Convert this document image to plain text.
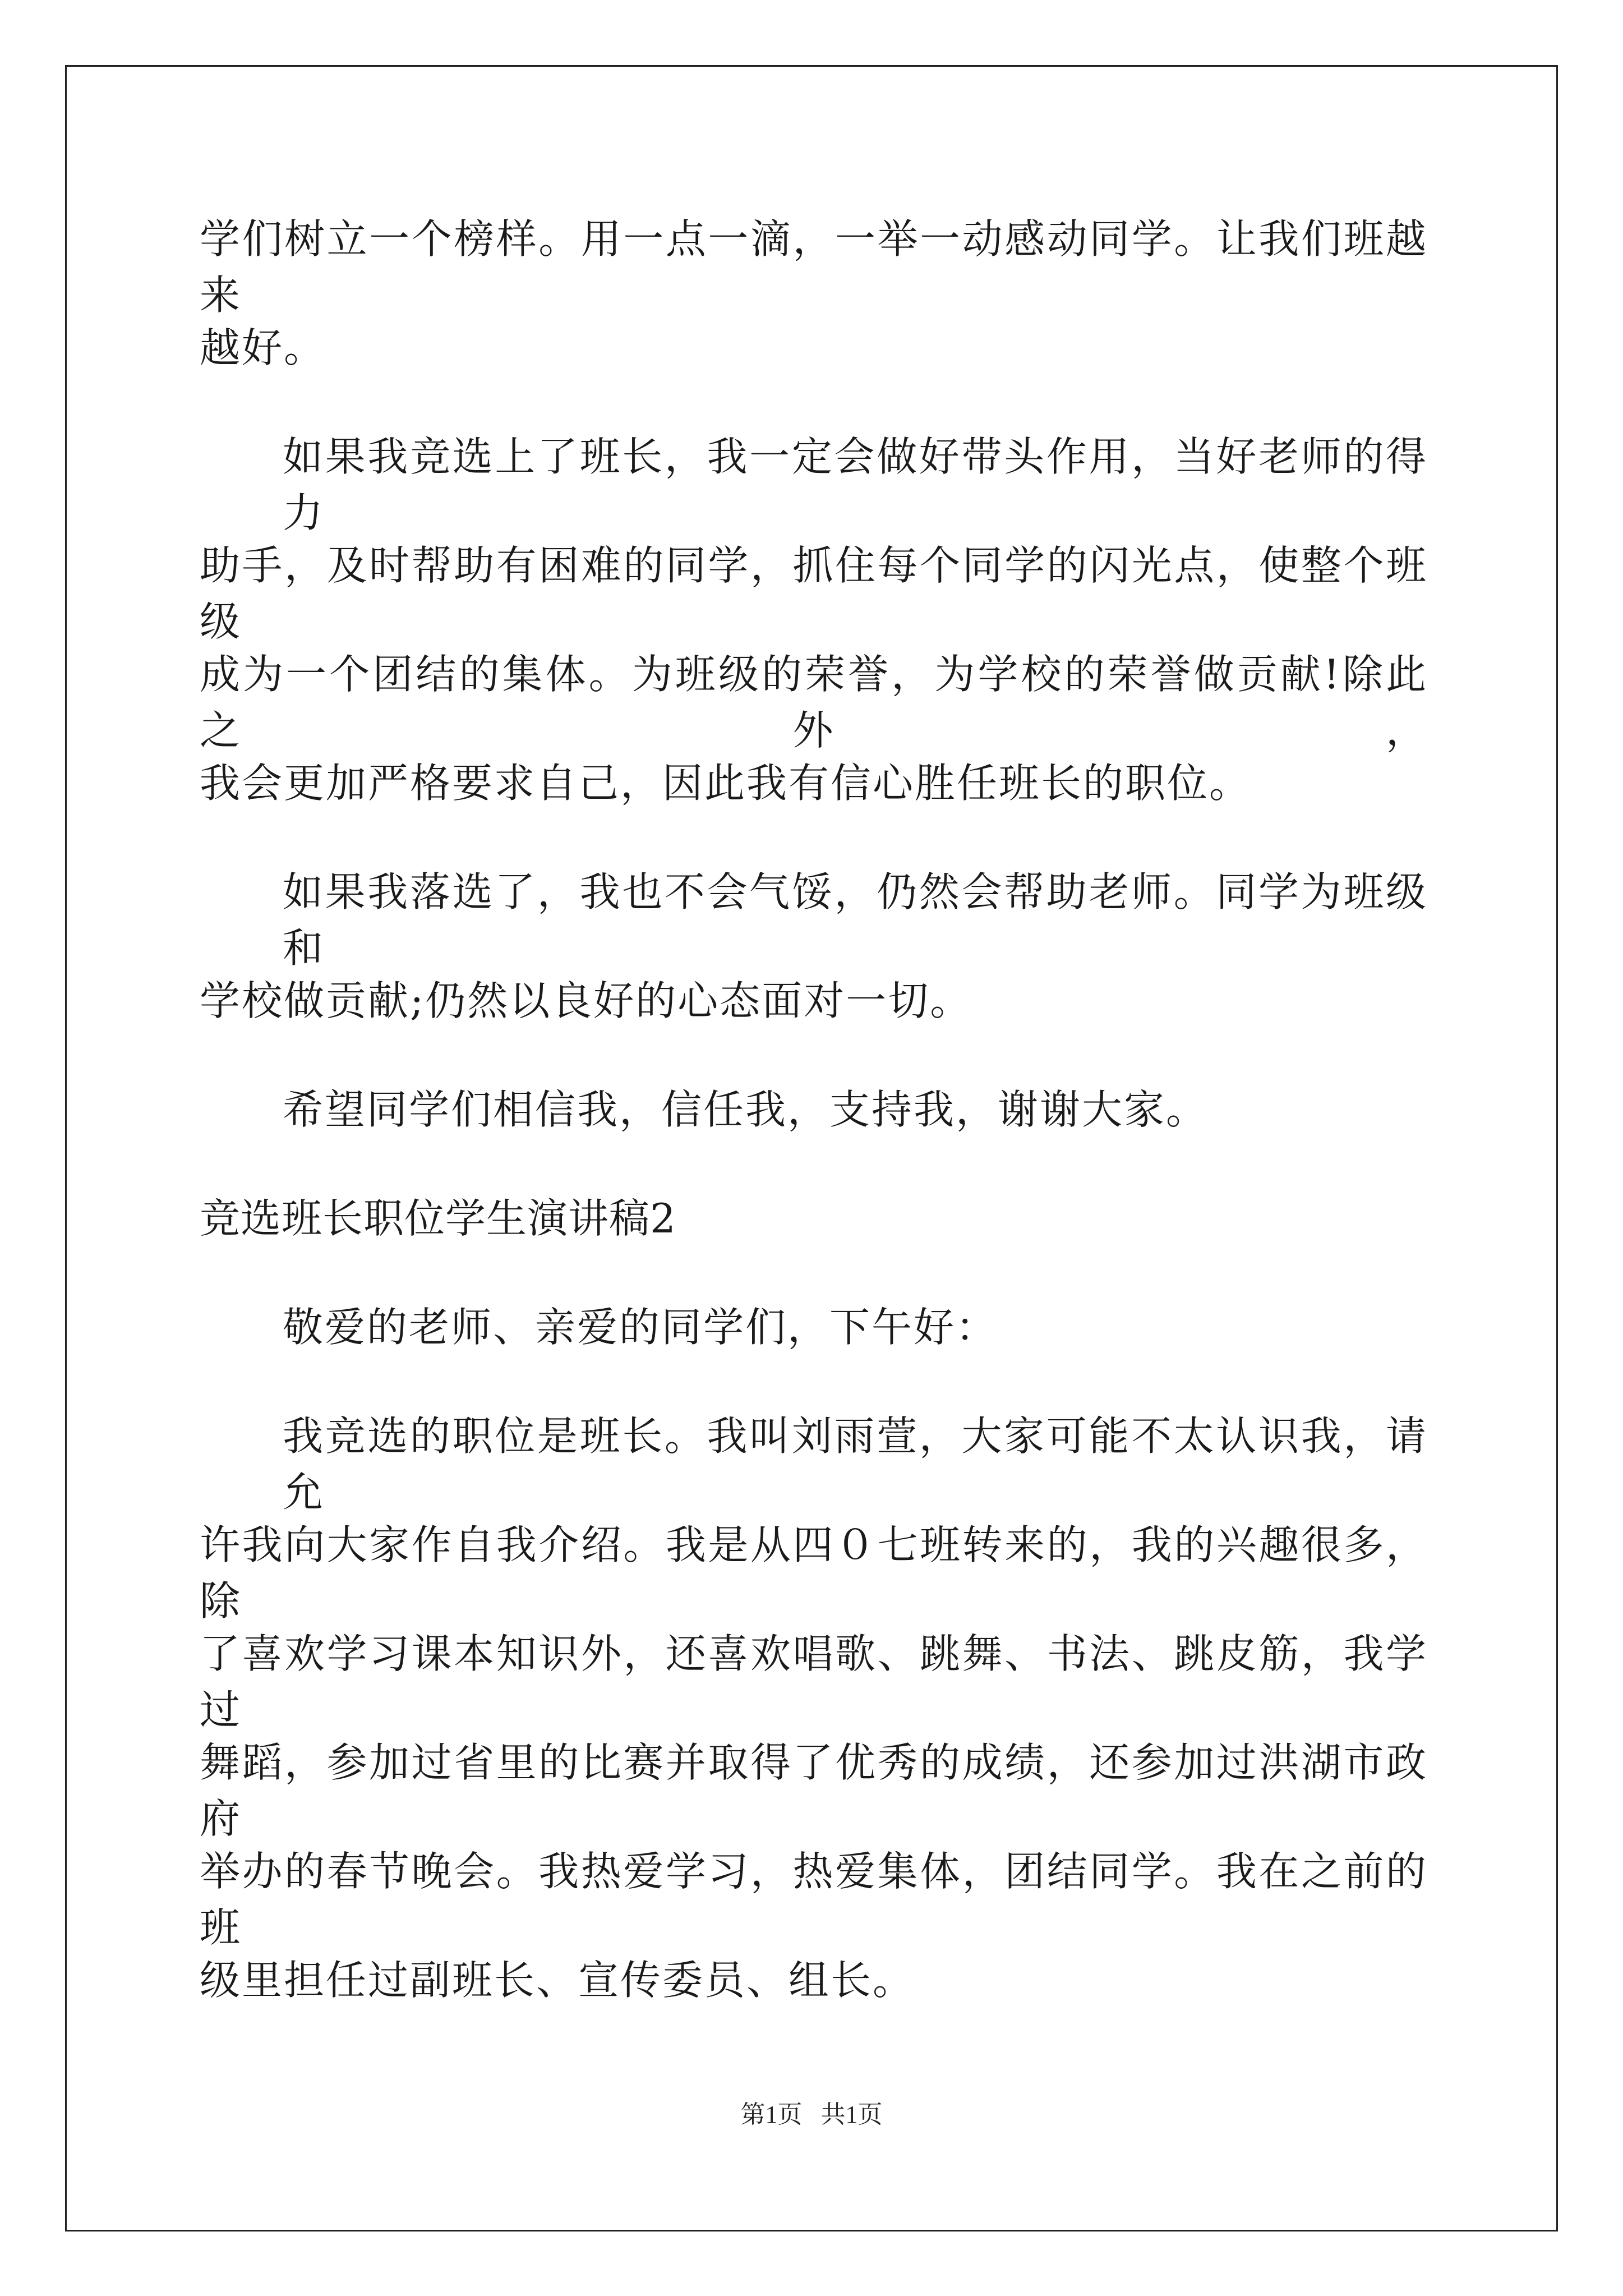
学们树立一个榜样。用一点一滴，一举一动感动同学。让我们班越来
越好。
如果我竞选上了班长，我一定会做好带头作用，当好老师的得力
助手，及时帮助有困难的同学，抓住每个同学的闪光点，使整个班级
成为一个团结的集体。为班级的荣誉，为学校的荣誉做贡献!除此之外，
我会更加严格要求自己，因此我有信心胜任班长的职位。
如果我落选了，我也不会气馁，仍然会帮助老师。同学为班级和
学校做贡献;仍然以良好的心态面对一切。
希望同学们相信我，信任我，支持我，谢谢大家。
竞选班长职位学生演讲稿2
敬爱的老师、亲爱的同学们，下午好：
我竞选的职位是班长。我叫刘雨萱，大家可能不太认识我，请允
许我向大家作自我介绍。我是从四０七班转来的，我的兴趣很多，除
了喜欢学习课本知识外，还喜欢唱歌、跳舞、书法、跳皮筋，我学过
舞蹈，参加过省里的比赛并取得了优秀的成绩，还参加过洪湖市政府
举办的春节晚会。我热爱学习，热爱集体，团结同学。我在之前的班
级里担任过副班长、宣传委员、组长。
第1页   共1页
